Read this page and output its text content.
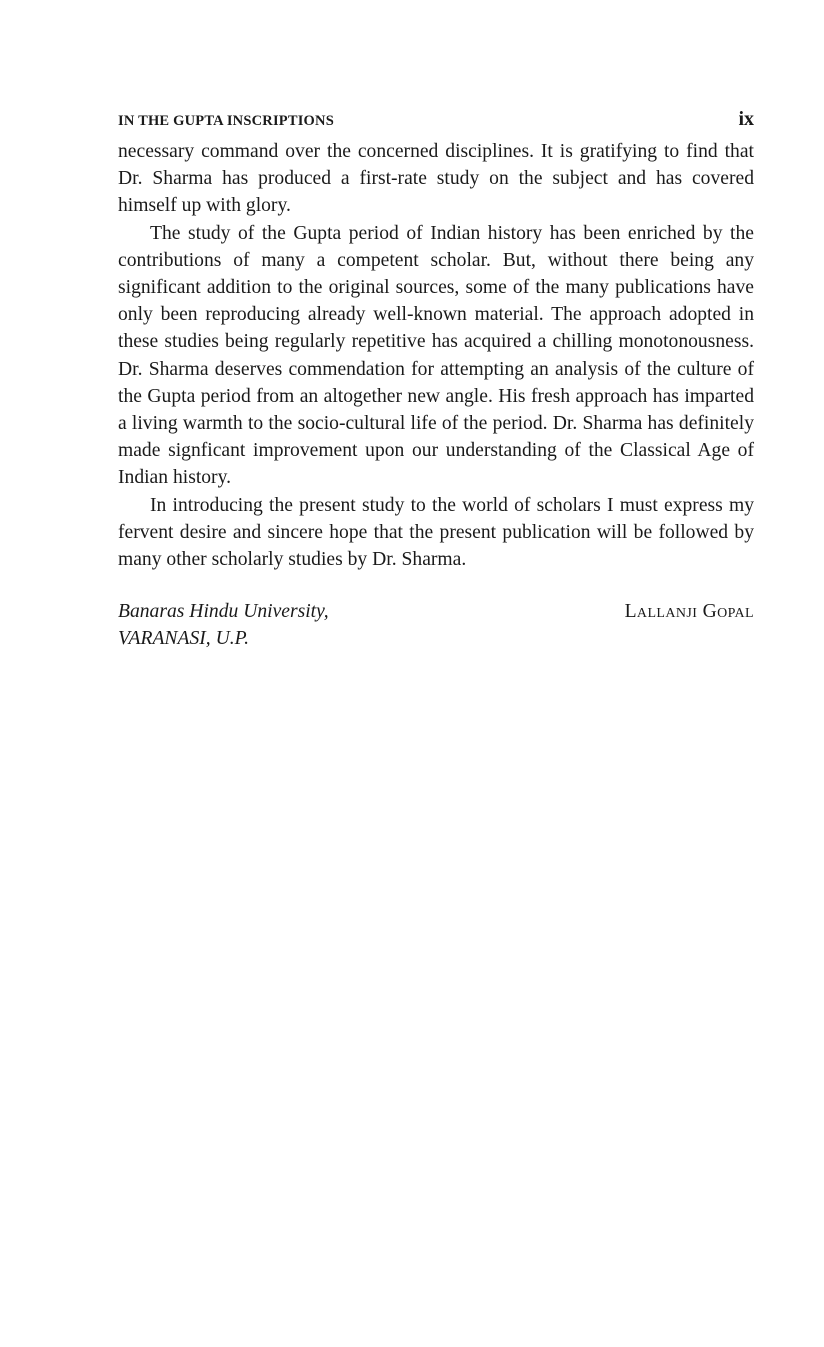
IN THE GUPTA INSCRIPTIONS	ix

necessary command over the concerned disciplines. It is gratifying to find that Dr. Sharma has produced a first-rate study on the subject and has covered himself up with glory.

The study of the Gupta period of Indian history has been enriched by the contributions of many a competent scholar. But, without there being any significant addition to the original sources, some of the many publications have only been reproducing already well-known material. The approach adopted in these studies being regularly repetitive has acquired a chilling monotonousness. Dr. Sharma deserves commendation for attempting an analysis of the culture of the Gupta period from an altogether new angle. His fresh approach has imparted a living warmth to the socio-cultural life of the period. Dr. Sharma has definitely made signficant improvement upon our understanding of the Classical Age of Indian history.

In introducing the present study to the world of scholars I must express my fervent desire and sincere hope that the present publication will be followed by many other scholarly studies by Dr. Sharma.

Banaras Hindu University,
VARANASI, U.P.
Lallanji Gopal
